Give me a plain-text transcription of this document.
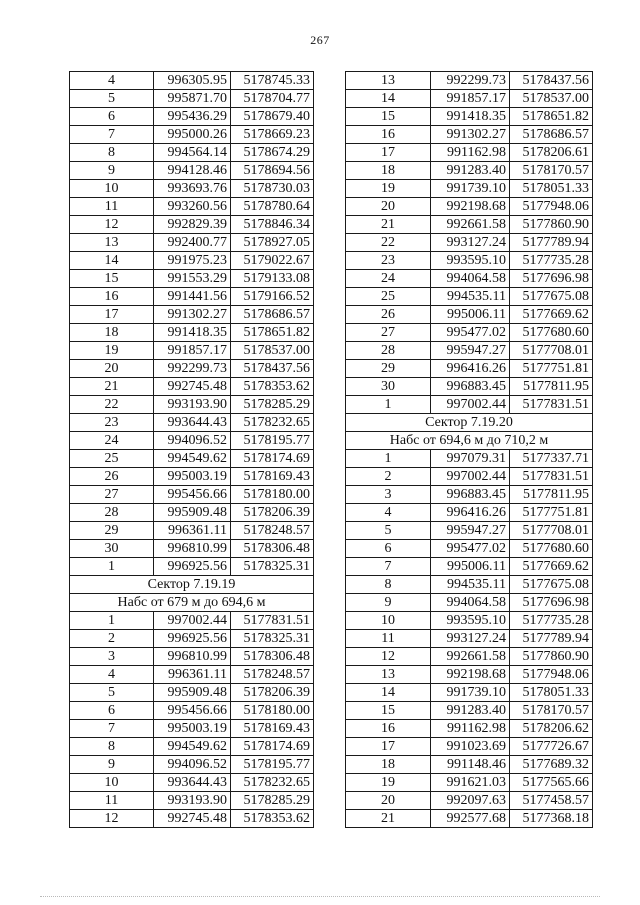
267
4	996305.95	5178745.33
5	995871.70	5178704.77
6	995436.29	5178679.40
7	995000.26	5178669.23
8	994564.14	5178674.29
9	994128.46	5178694.56
10	993693.76	5178730.03
11	993260.56	5178780.64
12	992829.39	5178846.34
13	992400.77	5178927.05
14	991975.23	5179022.67
15	991553.29	5179133.08
16	991441.56	5179166.52
17	991302.27	5178686.57
18	991418.35	5178651.82
19	991857.17	5178537.00
20	992299.73	5178437.56
21	992745.48	5178353.62
22	993193.90	5178285.29
23	993644.43	5178232.65
24	994096.52	5178195.77
25	994549.62	5178174.69
26	995003.19	5178169.43
27	995456.66	5178180.00
28	995909.48	5178206.39
29	996361.11	5178248.57
30	996810.99	5178306.48
1	996925.56	5178325.31
Сектор 7.19.19		
Набс от 679 м до 694,6 м		
1	997002.44	5177831.51
2	996925.56	5178325.31
3	996810.99	5178306.48
4	996361.11	5178248.57
5	995909.48	5178206.39
6	995456.66	5178180.00
7	995003.19	5178169.43
8	994549.62	5178174.69
9	994096.52	5178195.77
10	993644.43	5178232.65
11	993193.90	5178285.29
12	992745.48	5178353.62
13	992299.73	5178437.56
14	991857.17	5178537.00
15	991418.35	5178651.82
16	991302.27	5178686.57
17	991162.98	5178206.61
18	991283.40	5178170.57
19	991739.10	5178051.33
20	992198.68	5177948.06
21	992661.58	5177860.90
22	993127.24	5177789.94
23	993595.10	5177735.28
24	994064.58	5177696.98
25	994535.11	5177675.08
26	995006.11	5177669.62
27	995477.02	5177680.60
28	995947.27	5177708.01
29	996416.26	5177751.81
30	996883.45	5177811.95
1	997002.44	5177831.51
Сектор 7.19.20		
Набс от 694,6 м до 710,2 м		
1	997079.31	5177337.71
2	997002.44	5177831.51
3	996883.45	5177811.95
4	996416.26	5177751.81
5	995947.27	5177708.01
6	995477.02	5177680.60
7	995006.11	5177669.62
8	994535.11	5177675.08
9	994064.58	5177696.98
10	993595.10	5177735.28
11	993127.24	5177789.94
12	992661.58	5177860.90
13	992198.68	5177948.06
14	991739.10	5178051.33
15	991283.40	5178170.57
16	991162.98	5178206.62
17	991023.69	5177726.67
18	991148.46	5177689.32
19	991621.03	5177565.66
20	992097.63	5177458.57
21	992577.68	5177368.18
